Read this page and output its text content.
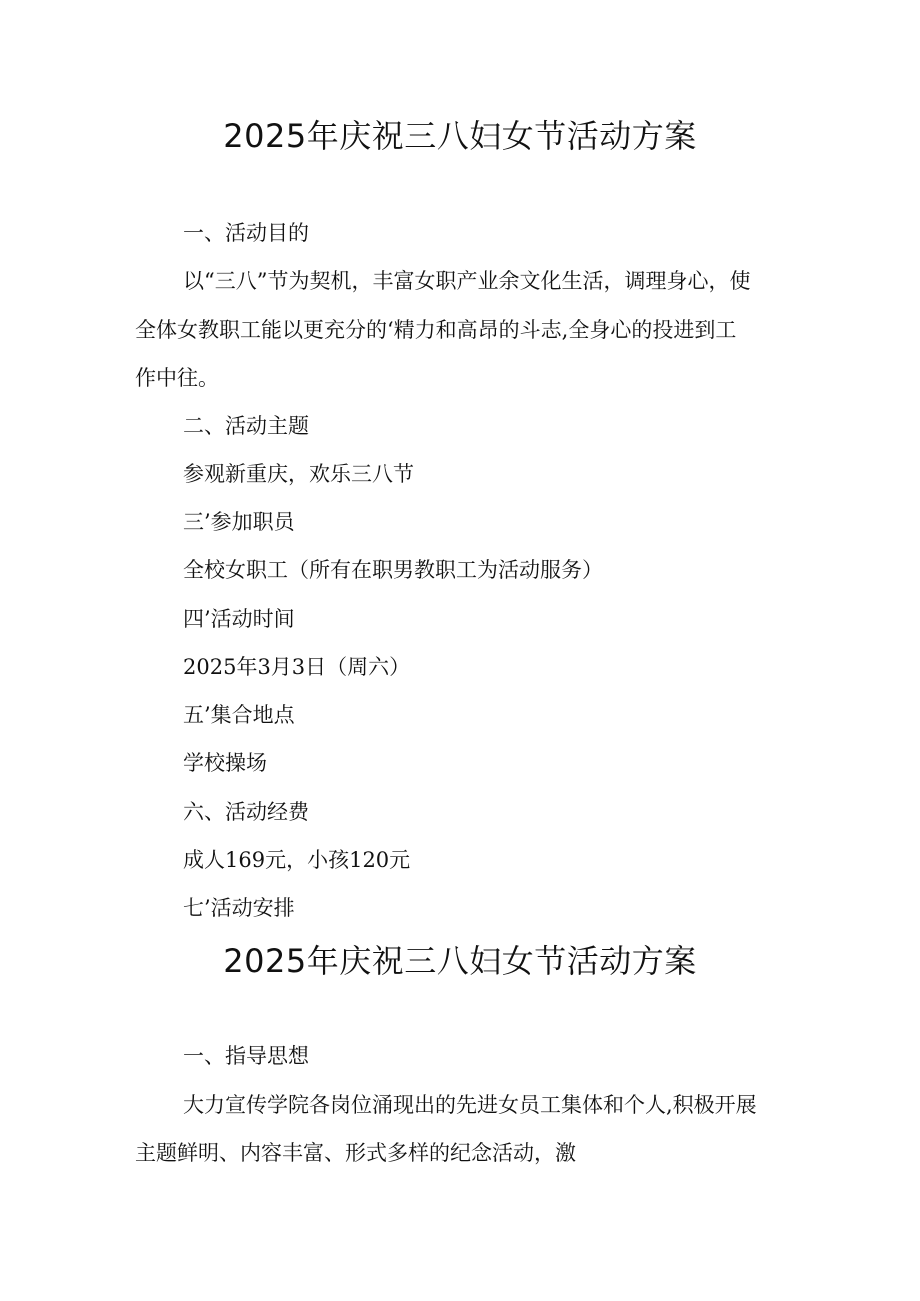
2025年庆祝三八妇女节活动方案
一、活动目的
以“三八”节为契机，丰富女职产业余文化生活，调理身心，使
全体女教职工能以更充分的‘精力和高昂的斗志,全身心的投进到工
作中往。
二、活动主题
参观新重庆，欢乐三八节
三’参加职员
全校女职工（所有在职男教职工为活动服务）
四’活动时间
2025年3月3日（周六）
五’集合地点
学校操场
六、活动经费
成人169元，小孩120元
七’活动安排
2025年庆祝三八妇女节活动方案
一、指导思想
大力宣传学院各岗位涌现出的先进女员工集体和个人,积极开展
主题鲜明、内容丰富、形式多样的纪念活动，激
